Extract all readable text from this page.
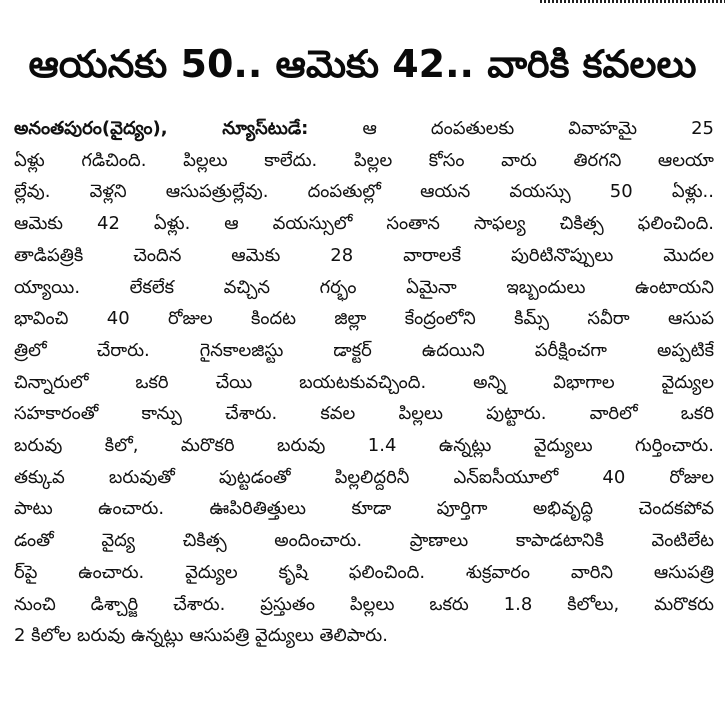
ఆయనకు 50.. ఆమెకు 42.. వారికి కవలలు
అనంతపురం(వైద్యం), న్యూస్‌టుడే:	ఆ దంపతులకు వివాహమై 25
ఏళ్లు గడిచింది. పిల్లలు కాలేదు. పిల్లల కోసం వారు తిరగని ఆలయా
ల్లేవు. వెళ్లని ఆసుపత్రుల్లేవు. దంపతుల్లో ఆయన వయస్సు 50 ఏళ్లు..
ఆమెకు 42 ఏళ్లు. ఆ వయస్సులో సంతాన సాఫల్య చికిత్స ఫలించింది.
తాడిపత్రికి చెందిన ఆమెకు 28 వారాలకే పురిటినొప్పులు మొదల
య్యాయి. లేకలేక వచ్చిన గర్భం ఏమైనా ఇబ్బందులు ఉంటాయని
భావించి 40 రోజుల కిందట జిల్లా కేంద్రంలోని కిమ్స్ సవీరా ఆసుప
త్రిలో చేరారు. గైనకాలజిస్టు డాక్టర్ ఉదయిని పరీక్షించగా అప్పటికే
చిన్నారులో ఒకరి చేయి బయటకువచ్చింది. అన్ని విభాగాల వైద్యుల
సహకారంతో కాన్పు చేశారు. కవల పిల్లలు పుట్టారు. వారిలో ఒకరి
బరువు కిలో, మరొకరి బరువు 1.4 ఉన్నట్లు వైద్యులు గుర్తించారు.
తక్కువ బరువుతో పుట్టడంతో పిల్లలిద్దరినీ ఎన్ఐసీయూలో 40 రోజుల
పాటు ఉంచారు. ఊపిరితిత్తులు కూడా పూర్తిగా అభివృద్ధి చెందకపోవ
డంతో వైద్య చికిత్స అందించారు. ప్రాణాలు కాపాడటానికి వెంటిలేట
ర్‌పై ఉంచారు. వైద్యుల కృషి ఫలించింది. శుక్రవారం వారిని ఆసుపత్రి
నుంచి డిశ్చార్జి చేశారు. ప్రస్తుతం పిల్లలు ఒకరు 1.8 కిలోలు, మరొకరు
2 కిలోల బరువు ఉన్నట్లు ఆసుపత్రి వైద్యులు తెలిపారు.
